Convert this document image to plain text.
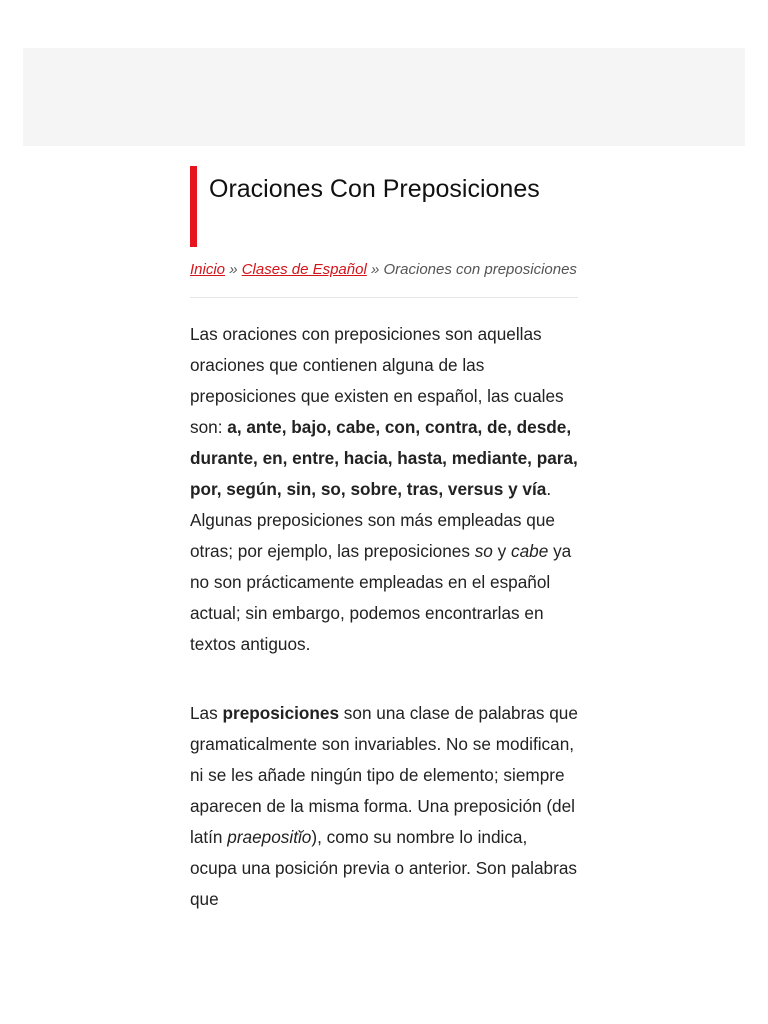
Oraciones Con Preposiciones
Inicio » Clases de Español » Oraciones con preposiciones

Las oraciones con preposiciones son aquellas oraciones que contienen alguna de las preposiciones que existen en español, las cuales son: a, ante, bajo, cabe, con, contra, de, desde, durante, en, entre, hacia, hasta, mediante, para, por, según, sin, so, sobre, tras, versus y vía. Algunas preposiciones son más empleadas que otras; por ejemplo, las preposiciones so y cabe ya no son prácticamente empleadas en el español actual; sin embargo, podemos encontrarlas en textos antiguos.

Las preposiciones son una clase de palabras que gramaticalmente son invariables. No se modifican, ni se les añade ningún tipo de elemento; siempre aparecen de la misma forma. Una preposición (del latín praepositĭo), como su nombre lo indica, ocupa una posición previa o anterior. Son palabras que
